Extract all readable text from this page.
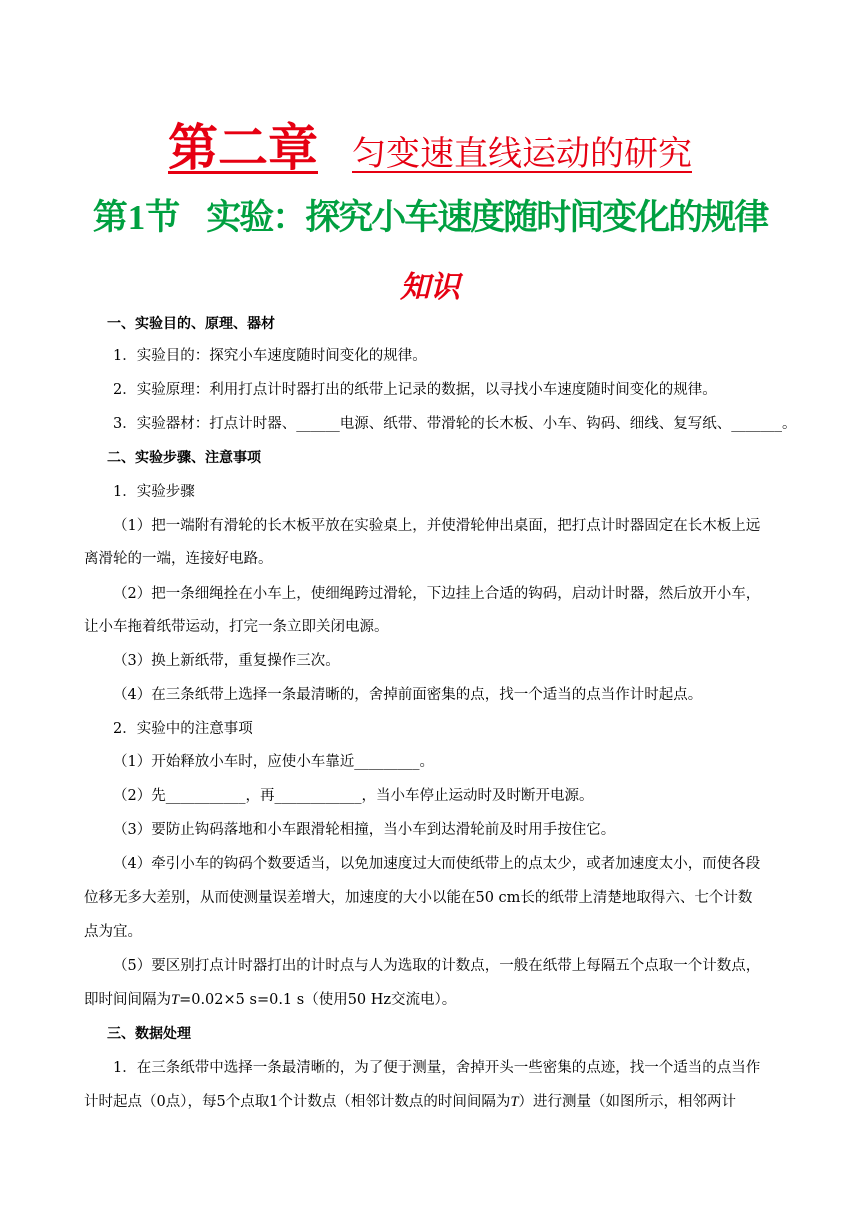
第二章 匀变速直线运动的研究
第1节 实验：探究小车速度随时间变化的规律
知识
一、实验目的、原理、器材
1．实验目的：探究小车速度随时间变化的规律。
2．实验原理：利用打点计时器打出的纸带上记录的数据，以寻找小车速度随时间变化的规律。
3．实验器材：打点计时器、______电源、纸带、带滑轮的长木板、小车、钩码、细线、复写纸、_______。
二、实验步骤、注意事项
1．实验步骤
（1）把一端附有滑轮的长木板平放在实验桌上，并使滑轮伸出桌面，把打点计时器固定在长木板上远
离滑轮的一端，连接好电路。
（2）把一条细绳拴在小车上，使细绳跨过滑轮，下边挂上合适的钩码，启动计时器，然后放开小车，
让小车拖着纸带运动，打完一条立即关闭电源。
（3）换上新纸带，重复操作三次。
（4）在三条纸带上选择一条最清晰的，舍掉前面密集的点，找一个适当的点当作计时起点。
2．实验中的注意事项
（1）开始释放小车时，应使小车靠近_________。
（2）先___________，再____________，当小车停止运动时及时断开电源。
（3）要防止钩码落地和小车跟滑轮相撞，当小车到达滑轮前及时用手按住它。
（4）牵引小车的钩码个数要适当，以免加速度过大而使纸带上的点太少，或者加速度太小，而使各段
位移无多大差别，从而使测量误差增大，加速度的大小以能在50 cm长的纸带上清楚地取得六、七个计数
点为宜。
（5）要区别打点计时器打出的计时点与人为选取的计数点，一般在纸带上每隔五个点取一个计数点，
即时间间隔为T=0.02×5 s=0.1 s（使用50 Hz交流电）。
三、数据处理
1．在三条纸带中选择一条最清晰的，为了便于测量，舍掉开头一些密集的点迹，找一个适当的点当作
计时起点（0点），每5个点取1个计数点（相邻计数点的时间间隔为T）进行测量（如图所示，相邻两计
